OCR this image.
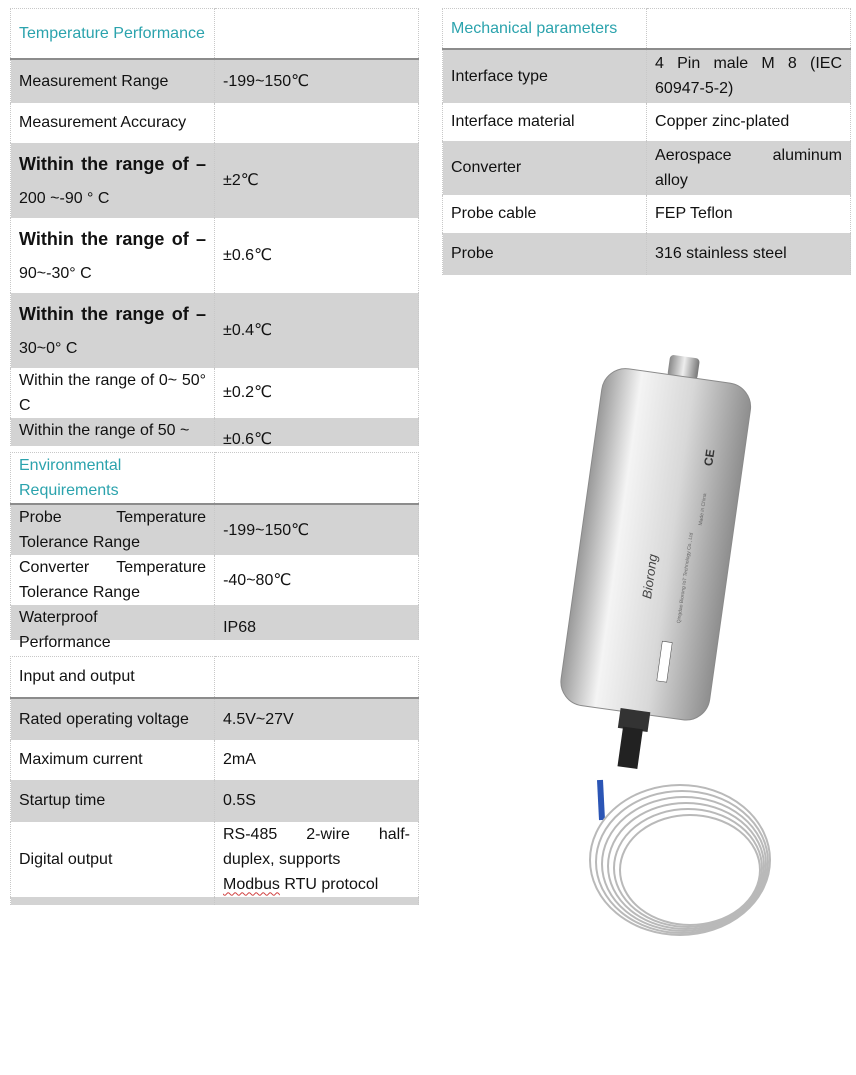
Temperature Performance	
Measurement Range	-199~150℃
Measurement Accuracy	

Within the range of –
200 ~-90 ° C	±2℃

Within the range of –
90~-30° C	±0.6℃

Within the range of –
30~0° C	±0.4℃
Within the range of 0~ 50° C	±0.2℃

Within the range of 50 ~	±0.6℃
Environmental Requirements	
Probe Temperature Tolerance Range	-199~150℃
Converter Temperature Tolerance Range	-40~80℃

Waterproof Performance	IP68
Input and output	
Rated operating voltage	4.5V~27V
Maximum current	2mA
Startup time	0.5S
Digital output	RS-485 2-wire half-duplex, supports
Modbus RTU protocol

Mechanical parameters	
Interface type	4 Pin male M 8 (IEC 60947-5-2)
Interface material	Copper zinc-plated
Converter	Aerospace aluminum alloy
Probe cable	FEP Teflon
Probe	316 stainless steel
Biorong	Qingdao Biorong IoT Technology Co., Ltd
Made in China
CE
